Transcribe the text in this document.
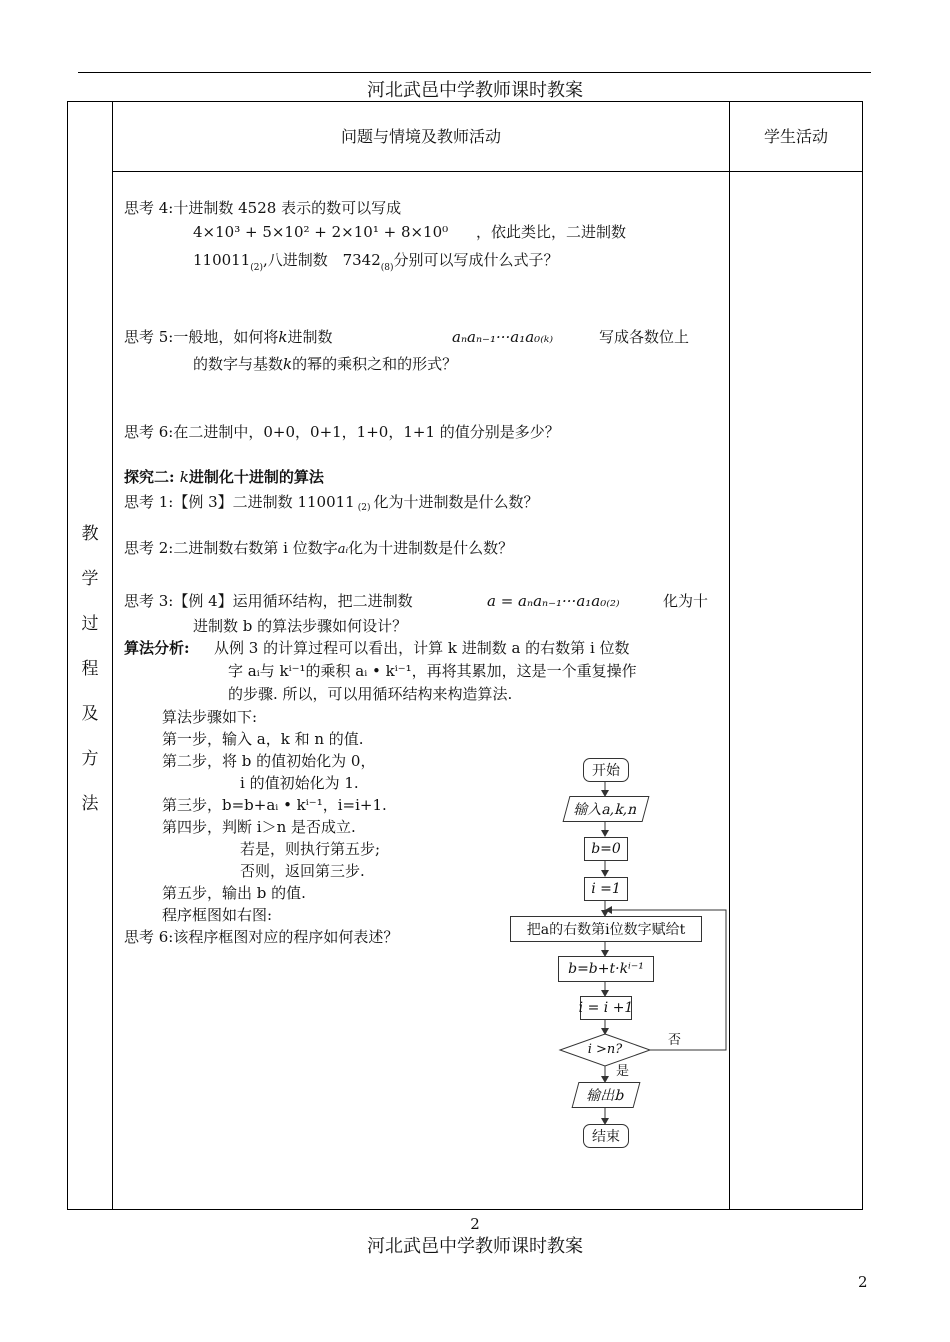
河北武邑中学教师课时教案
问题与情境及教师活动	学生活动
教
学
过
程
及
方
法
思考 4:十进制数 4528 表示的数可以写成
4×10³ + 5×10² + 2×10¹ + 8×10⁰ ，依此类比，二进制数
$110011_{(2)}$,八进制数 $7342_{(8)}$分别可以写成什么式子？
思考 5:一般地，如何将k进制数	aₙaₙ₋₁···a₁a₀₍ₖ₎	写成各数位上
的数字与基数k的幂的乘积之和的形式？
思考 6:在二进制中，0+0，0+1，1+0，1+1 的值分别是多少？
探究二: k进制化十进制的算法
思考 1:【例 3】二进制数 110011 $_{(2)}$ 化为十进制数是什么数？
思考 2:二进制数右数第 i 位数字aᵢ化为十进制数是什么数？
思考 3:【例 4】运用循环结构，把二进制数	a = aₙaₙ₋₁···a₁a₀₍₂₎	化为十
进制数 b 的算法步骤如何设计？
算法分析: 从例 3 的计算过程可以看出，计算 k 进制数 a 的右数第 i 位数
字 aᵢ与 kⁱ⁻¹的乘积 aᵢ • kⁱ⁻¹，再将其累加，这是一个重复操作
的步骤. 所以，可以用循环结构来构造算法.
算法步骤如下:
第一步，输入 a，k 和 n 的值.
第二步，将 b 的值初始化为 0，
i 的值初始化为 1.
第三步，b=b+aᵢ • kⁱ⁻¹，i=i+1.
第四步，判断 i＞n 是否成立.
若是，则执行第五步;
否则，返回第三步.
第五步，输出 b 的值.
程序框图如右图:
思考 6:该程序框图对应的程序如何表述？
开始
输入a,k,n
b=0
i =1
把a的右数第i位数字赋给t
b=b+t·kⁱ⁻¹
i = i +1
i >n?
否
是
输出b
结束
2
河北武邑中学教师课时教案
2
